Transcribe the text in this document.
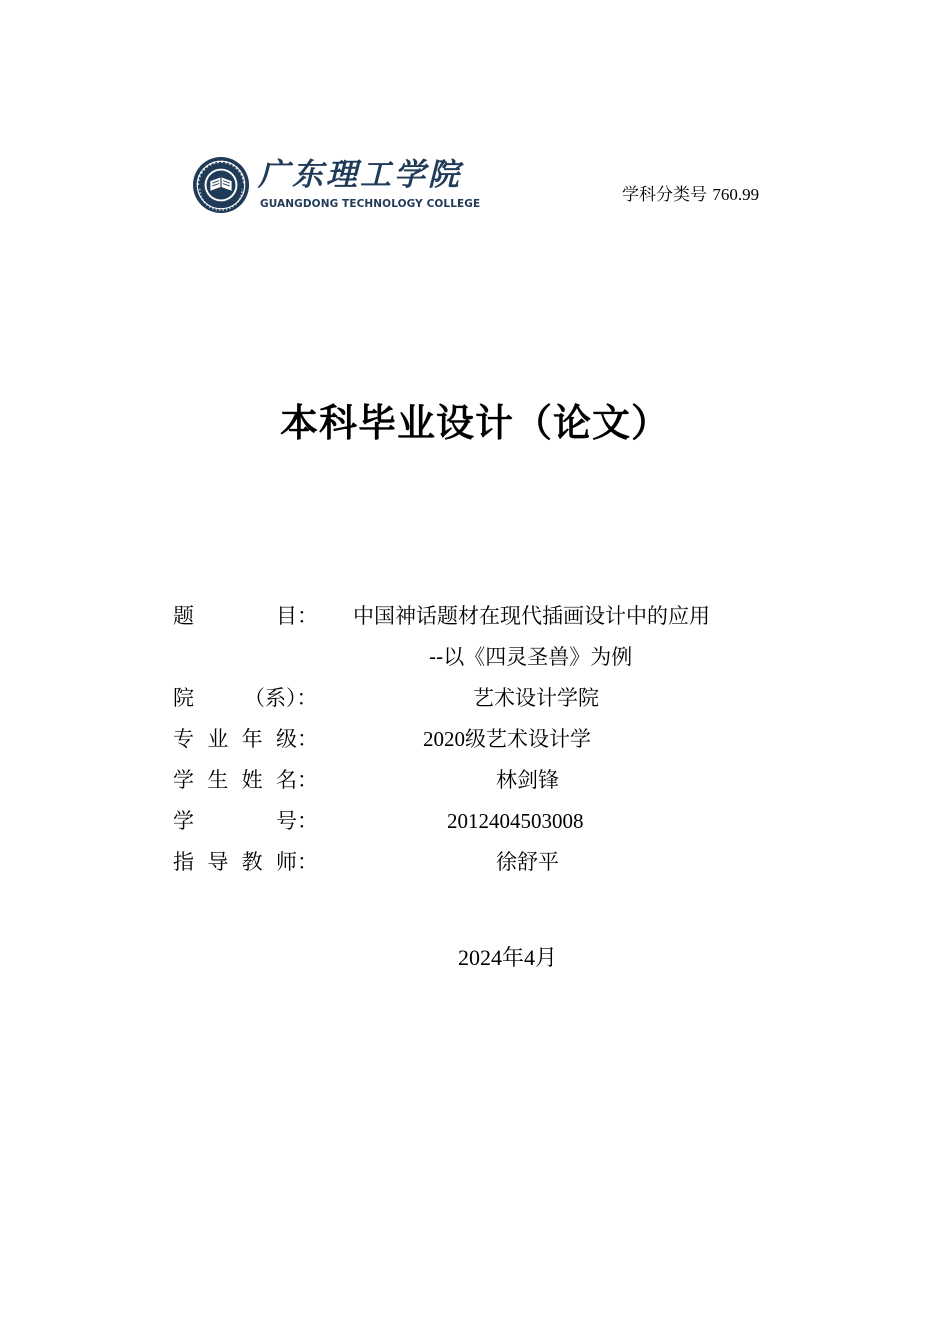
广东理工学院
GUANGDONG TECHNOLOGY COLLEGE	学科分类号 760.99
本科毕业设计（论文）
题	目： 中国神话题材在现代插画设计中的应用
--以《四灵圣兽》为例
院 （系）：	艺术设计学院
专 业 年 级：	2020级艺术设计学
学 生 姓 名：	林剑锋
学	号：	2012404503008
指 导 教 师：	徐舒平
2024年4月
